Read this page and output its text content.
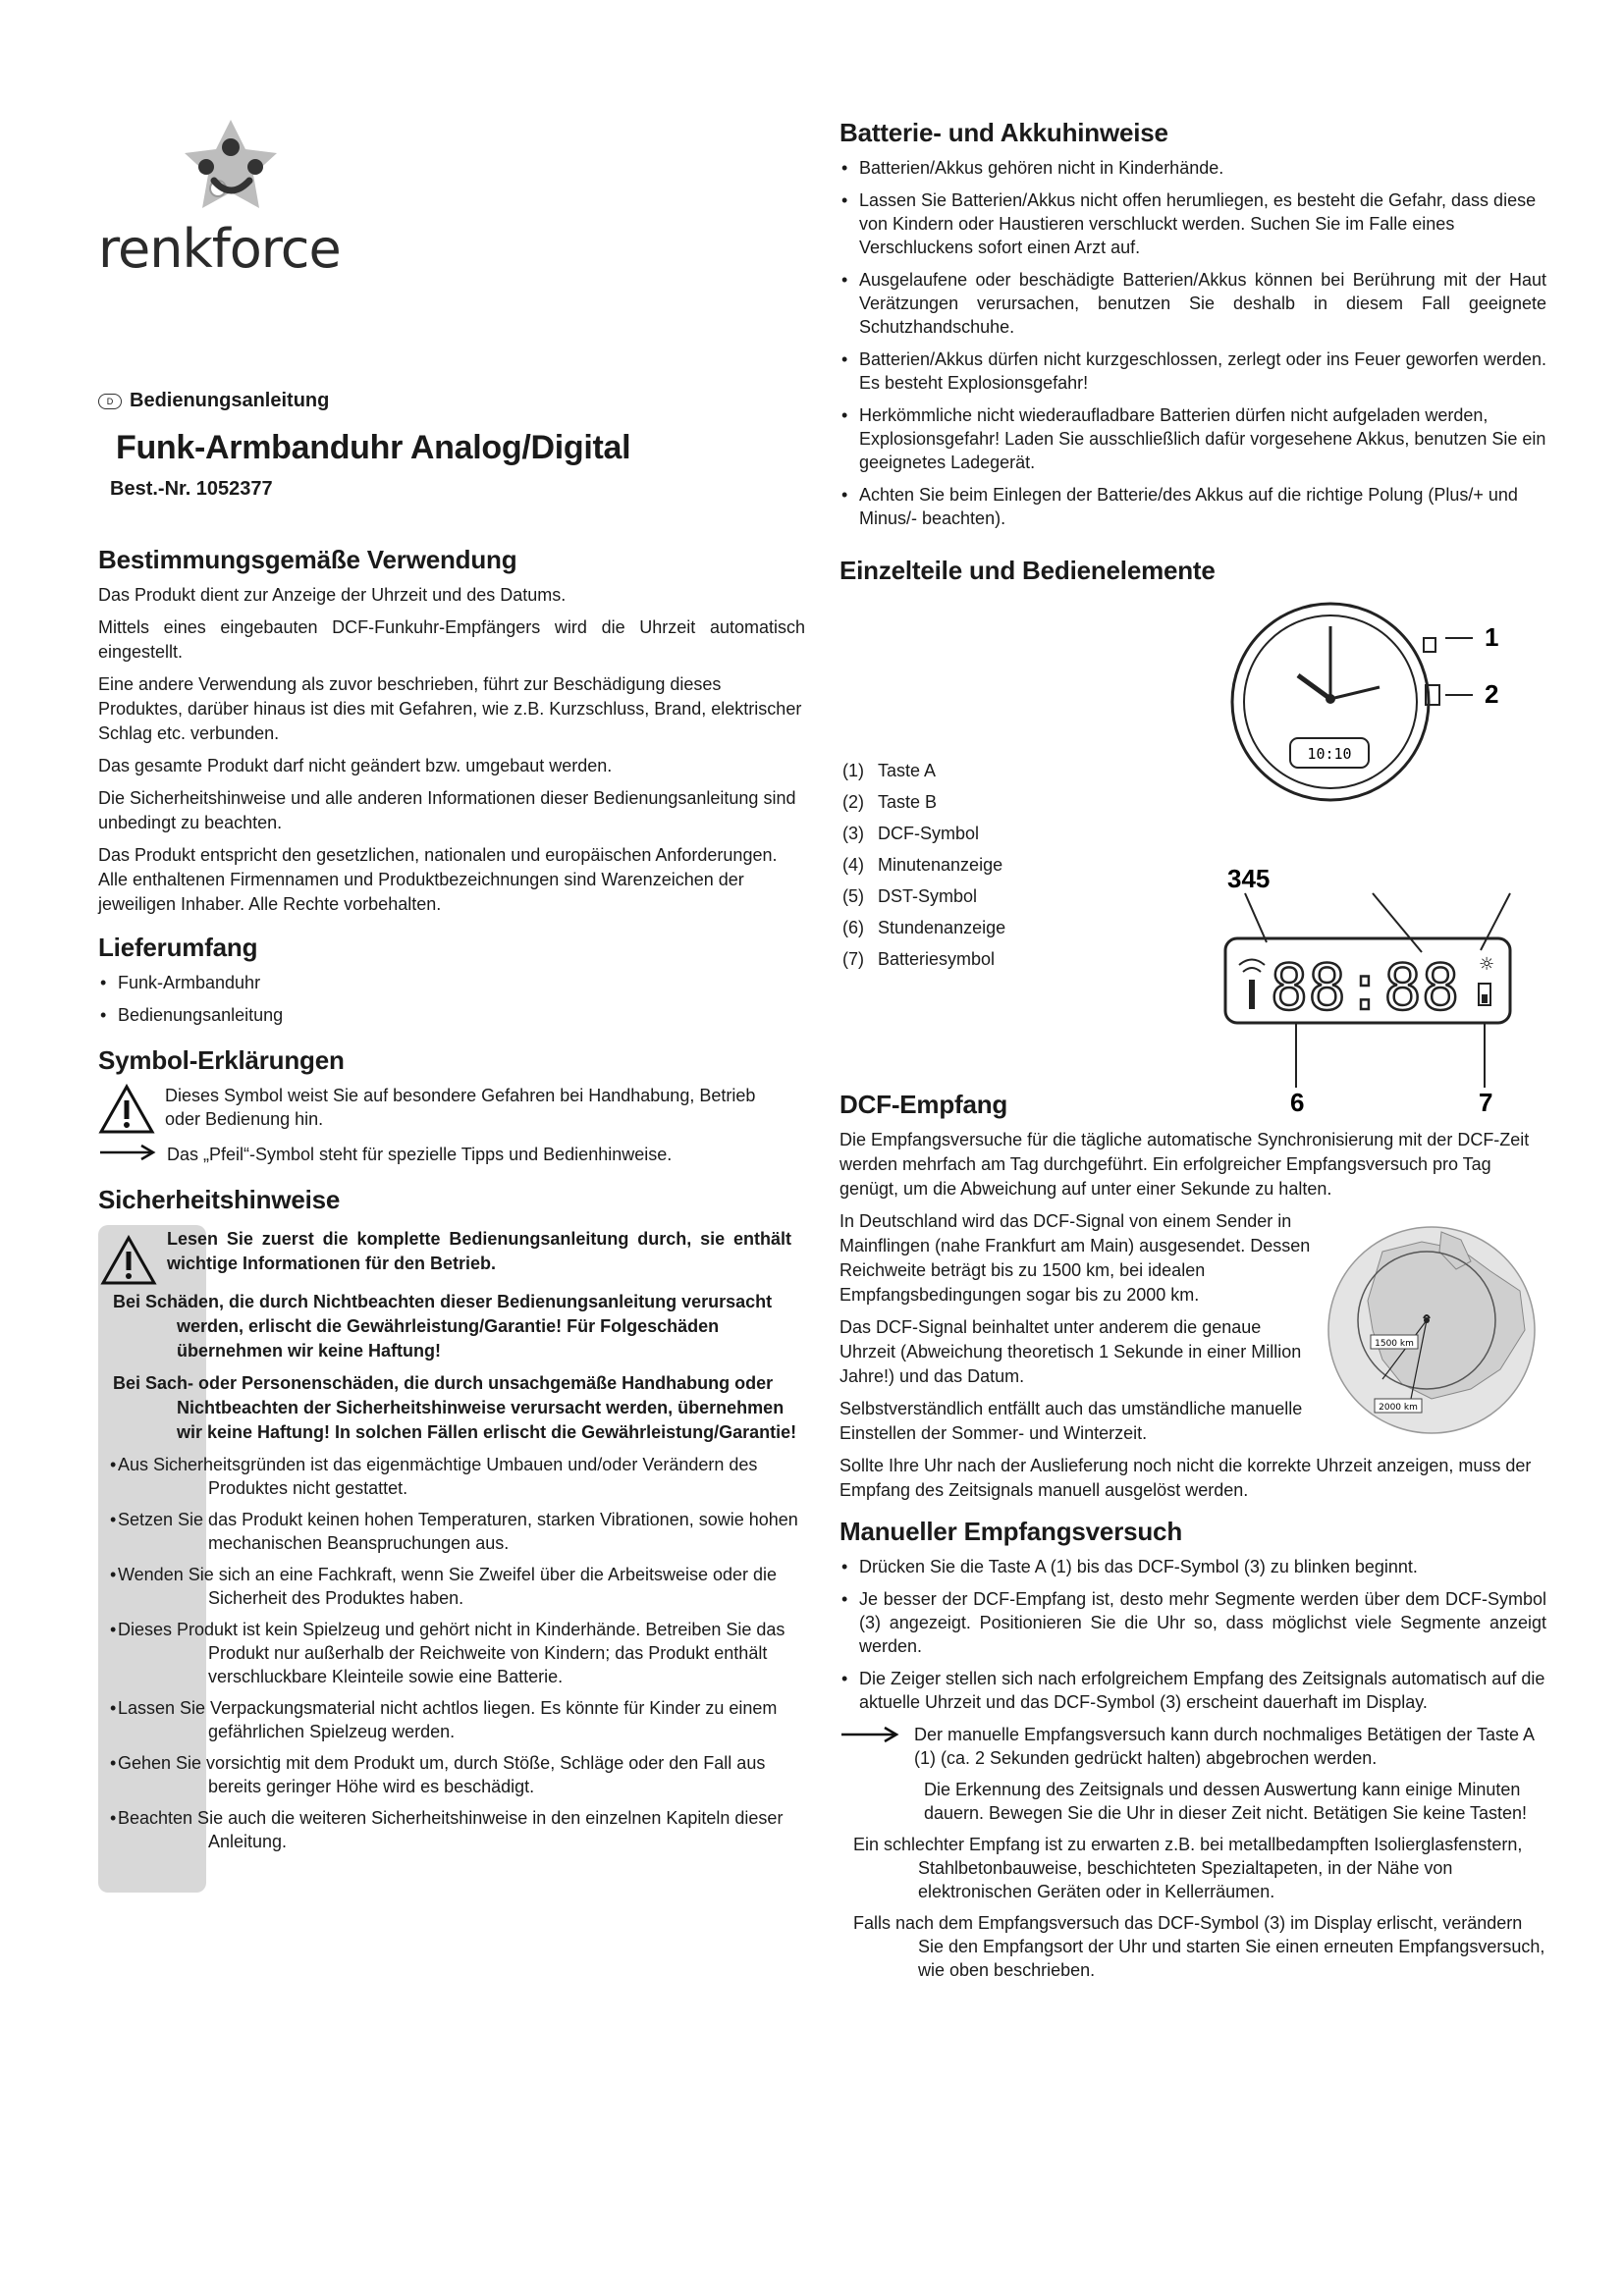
renkforce
D Bedienungsanleitung
Funk-Armbanduhr Analog/Digital
Best.-Nr. 1052377
Bestimmungsgemäße Verwendung

Das Produkt dient zur Anzeige der Uhrzeit und des Datums.

Mittels eines eingebauten DCF-Funkuhr-Empfängers wird die Uhrzeit automatisch eingestellt.

Eine andere Verwendung als zuvor beschrieben, führt zur Beschädigung dieses Produktes, darüber hinaus ist dies mit Gefahren, wie z.B. Kurzschluss, Brand, elektrischer Schlag etc. verbunden.

Das gesamte Produkt darf nicht geändert bzw. umgebaut werden.

Die Sicherheitshinweise und alle anderen Informationen dieser Bedienungsanleitung sind unbedingt zu beachten.

Das Produkt entspricht den gesetzlichen, nationalen und europäischen Anforderungen. Alle enthaltenen Firmennamen und Produktbezeichnungen sind Warenzeichen der jeweiligen Inhaber. Alle Rechte vorbehalten.

Lieferumfang
• Funk-Armbanduhr
• Bedienungsanleitung
Symbol-Erklärungen
Dieses Symbol weist Sie auf besondere Gefahren bei Handhabung, Betrieb oder Bedienung hin.
Das „Pfeil“-Symbol steht für spezielle Tipps und Bedienhinweise.
Sicherheitshinweise

Lesen Sie zuerst die komplette Bedienungsanleitung durch, sie enthält wichtige Informationen für den Betrieb.

Bei Schäden, die durch Nichtbeachten dieser Bedienungsanleitung verursacht werden, erlischt die Gewährleistung/Garantie! Für Folgeschäden übernehmen wir keine Haftung!

Bei Sach- oder Personenschäden, die durch unsachgemäße Handhabung oder Nichtbeachten der Sicherheitshinweise verursacht werden, übernehmen wir keine Haftung! In solchen Fällen erlischt die Gewährleistung/Garantie!

• Aus Sicherheitsgründen ist das eigenmächtige Umbauen und/oder Verändern des Produktes nicht gestattet.
• Setzen Sie das Produkt keinen hohen Temperaturen, starken Vibrationen, sowie hohen mechanischen Beanspruchungen aus.
• Wenden Sie sich an eine Fachkraft, wenn Sie Zweifel über die Arbeitsweise oder die Sicherheit des Produktes haben.
• Dieses Produkt ist kein Spielzeug und gehört nicht in Kinderhände. Betreiben Sie das Produkt nur außerhalb der Reichweite von Kindern; das Produkt enthält verschluckbare Kleinteile sowie eine Batterie.
• Lassen Sie Verpackungsmaterial nicht achtlos liegen. Es könnte für Kinder zu einem gefährlichen Spielzeug werden.
• Gehen Sie vorsichtig mit dem Produkt um, durch Stöße, Schläge oder den Fall aus bereits geringer Höhe wird es beschädigt.
• Beachten Sie auch die weiteren Sicherheitshinweise in den einzelnen Kapiteln dieser Anleitung.
Batterie- und Akkuhinweise
• Batterien/Akkus gehören nicht in Kinderhände.
• Lassen Sie Batterien/Akkus nicht offen herumliegen, es besteht die Gefahr, dass diese von Kindern oder Haustieren verschluckt werden. Suchen Sie im Falle eines Verschluckens sofort einen Arzt auf.
• Ausgelaufene oder beschädigte Batterien/Akkus können bei Berührung mit der Haut Verätzungen verursachen, benutzen Sie deshalb in diesem Fall geeignete Schutzhandschuhe.
• Batterien/Akkus dürfen nicht kurzgeschlossen, zerlegt oder ins Feuer geworfen werden. Es besteht Explosionsgefahr!
• Herkömmliche nicht wiederaufladbare Batterien dürfen nicht aufgeladen werden, Explosionsgefahr! Laden Sie ausschließlich dafür vorgesehene Akkus, benutzen Sie ein geeignetes Ladegerät.
• Achten Sie beim Einlegen der Batterie/des Akkus auf die richtige Polung (Plus/+ und Minus/- beachten).
Einzelteile und Bedienelemente
10:10
1
2
(1) Taste A
(2) Taste B
(3) DCF-Symbol
(4) Minutenanzeige
(5) DST-Symbol
(6) Stundenanzeige
(7) Batteriesymbol
345
88:88 ☼
6	7
DCF-Empfang

Die Empfangsversuche für die tägliche automatische Synchronisierung mit der DCF-Zeit werden mehrfach am Tag durchgeführt. Ein erfolgreicher Empfangsversuch pro Tag genügt, um die Abweichung auf unter einer Sekunde zu halten.

In Deutschland wird das DCF-Signal von einem Sender in Mainflingen (nahe Frankfurt am Main) ausgesendet. Dessen Reichweite beträgt bis zu 1500 km, bei idealen Empfangsbedingungen sogar bis zu 2000 km.

Das DCF-Signal beinhaltet unter anderem die genaue Uhrzeit (Abweichung theoretisch 1 Sekunde in einer Million Jahre!) und das Datum.

Selbstverständlich entfällt auch das umständliche manuelle Einstellen der Sommer- und Winterzeit.

Sollte Ihre Uhr nach der Auslieferung noch nicht die korrekte Uhrzeit anzeigen, muss der Empfang des Zeitsignals manuell ausgelöst werden.

1500 km
2000 km
Manueller Empfangsversuch
• Drücken Sie die Taste A (1) bis das DCF-Symbol (3) zu blinken beginnt.
• Je besser der DCF-Empfang ist, desto mehr Segmente werden über dem DCF-Symbol (3) angezeigt. Positionieren Sie die Uhr so, dass möglichst viele Segmente anzeigt werden.
• Die Zeiger stellen sich nach erfolgreichem Empfang des Zeitsignals automatisch auf die aktuelle Uhrzeit und das DCF-Symbol (3) erscheint dauerhaft im Display.
Der manuelle Empfangsversuch kann durch nochmaliges Betätigen der Taste A (1) (ca. 2 Sekunden gedrückt halten) abgebrochen werden.
Die Erkennung des Zeitsignals und dessen Auswertung kann einige Minuten dauern. Bewegen Sie die Uhr in dieser Zeit nicht. Betätigen Sie keine Tasten!
Ein schlechter Empfang ist zu erwarten z.B. bei metallbedampften Isolierglasfenstern, Stahlbetonbauweise, beschichteten Spezialtapeten, in der Nähe von elektronischen Geräten oder in Kellerräumen.
Falls nach dem Empfangsversuch das DCF-Symbol (3) im Display erlischt, verändern Sie den Empfangsort der Uhr und starten Sie einen erneuten Empfangsversuch, wie oben beschrieben.
